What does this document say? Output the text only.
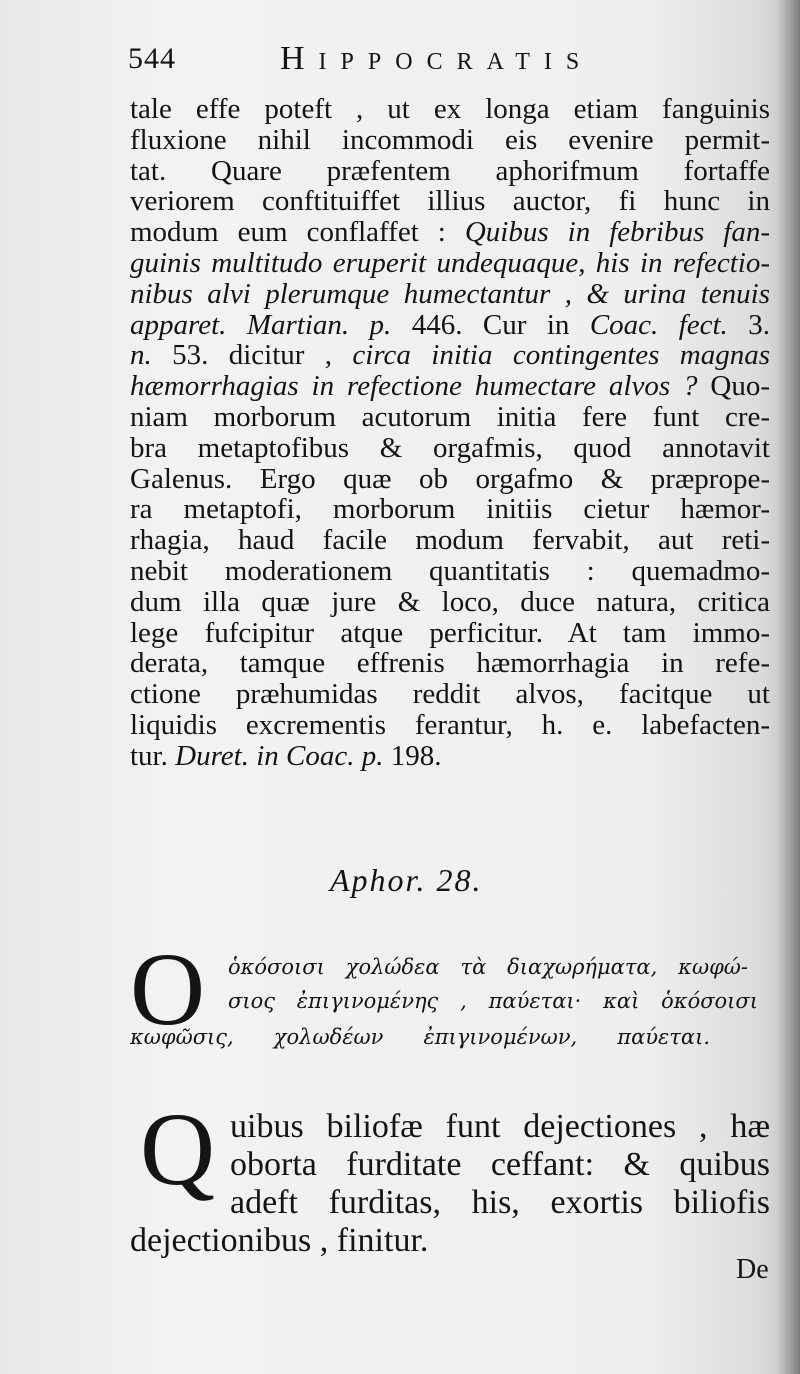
544	Hippocratis
tale effe poteft , ut ex longa etiam fanguinis
fluxione nihil incommodi eis evenire permit-
tat. Quare præfentem aphorifmum fortaffe
veriorem conftituiffet illius auctor, fi hunc in
modum eum conflaffet : Quibus in febribus fan-
guinis multitudo eruperit undequaque, his in refectio-
nibus alvi plerumque humectantur , & urina tenuis
apparet. Martian. p. 446. Cur in Coac. fect. 3.
n. 53. dicitur , circa initia contingentes magnas
hæmorrhagias in refectione humectare alvos ? Quo-
niam morborum acutorum initia fere funt cre-
bra metaptofibus & orgafmis, quod annotavit
Galenus. Ergo quæ ob orgafmo & præprope-
ra metaptofi, morborum initiis cietur hæmor-
rhagia, haud facile modum fervabit, aut reti-
nebit moderationem quantitatis : quemadmo-
dum illa quæ jure & loco, duce natura, critica
lege fufcipitur atque perficitur. At tam immo-
derata, tamque effrenis hæmorrhagia in refe-
ctione præhumidas reddit alvos, facitque ut
liquidis excrementis ferantur, h. e. labefacten-
tur. Duret. in Coac. p. 198.
Aphor. 28.
O ὁκόσοισι χολώδεα τὰ διαχωρήματα, κωφώ-
σιος ἐπιγινομένης , παύεται· καὶ ὁκόσοισι
κωφῶσις, χολωδέων ἐπιγινομένων, παύεται.
Q uibus biliofæ funt dejectiones , hæ
oborta furditate ceffant: & quibus
adeft furditas, his, exortis biliofis
dejectionibus , finitur.
De
